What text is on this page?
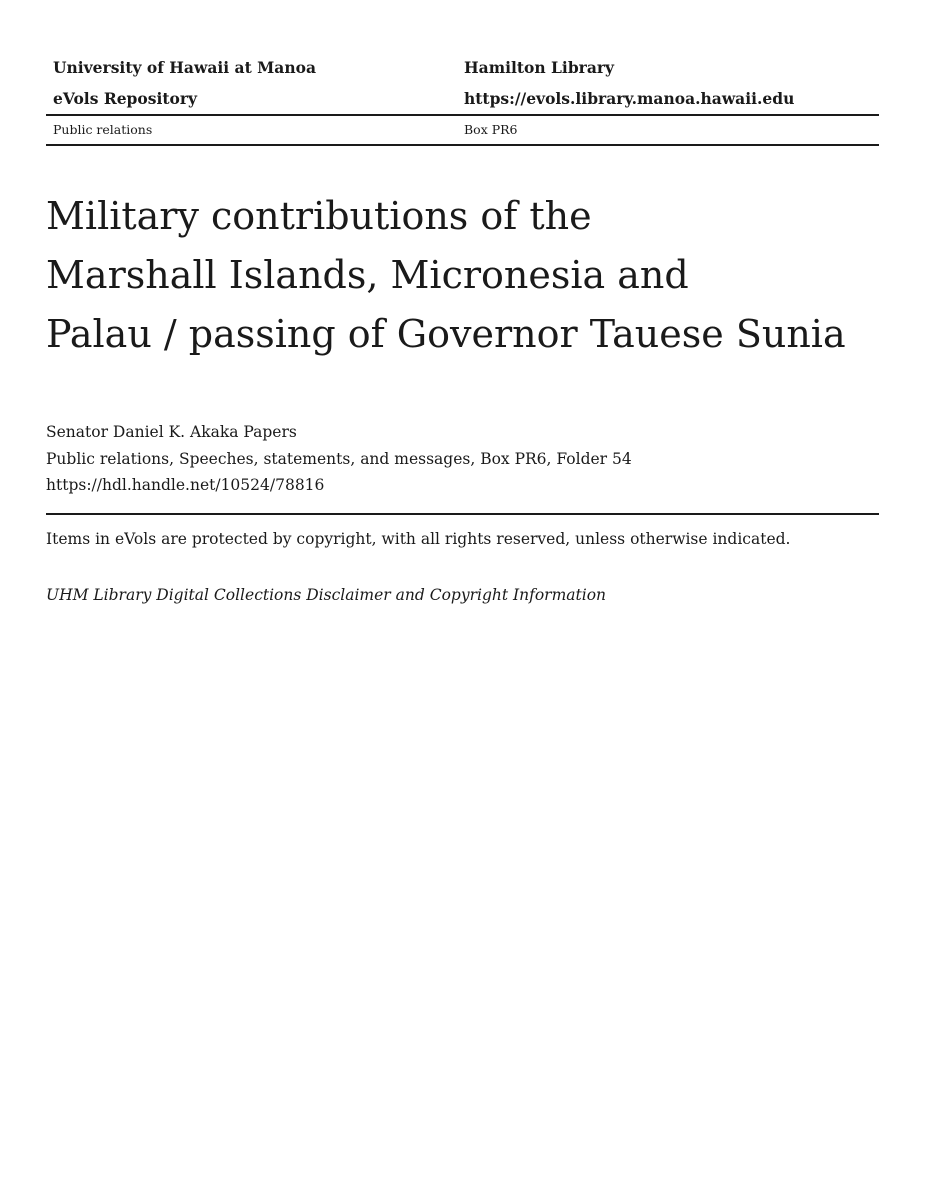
University of Hawaii at Manoa	Hamilton Library
eVols Repository	https://evols.library.manoa.hawaii.edu
Public relations	Box PR6
Military contributions of the
Marshall Islands, Micronesia and
Palau / passing of Governor Tauese Sunia
Senator Daniel K. Akaka Papers
Public relations, Speeches, statements, and messages, Box PR6, Folder 54
https://hdl.handle.net/10524/78816
Items in eVols are protected by copyright, with all rights reserved, unless otherwise indicated.
UHM Library Digital Collections Disclaimer and Copyright Information
